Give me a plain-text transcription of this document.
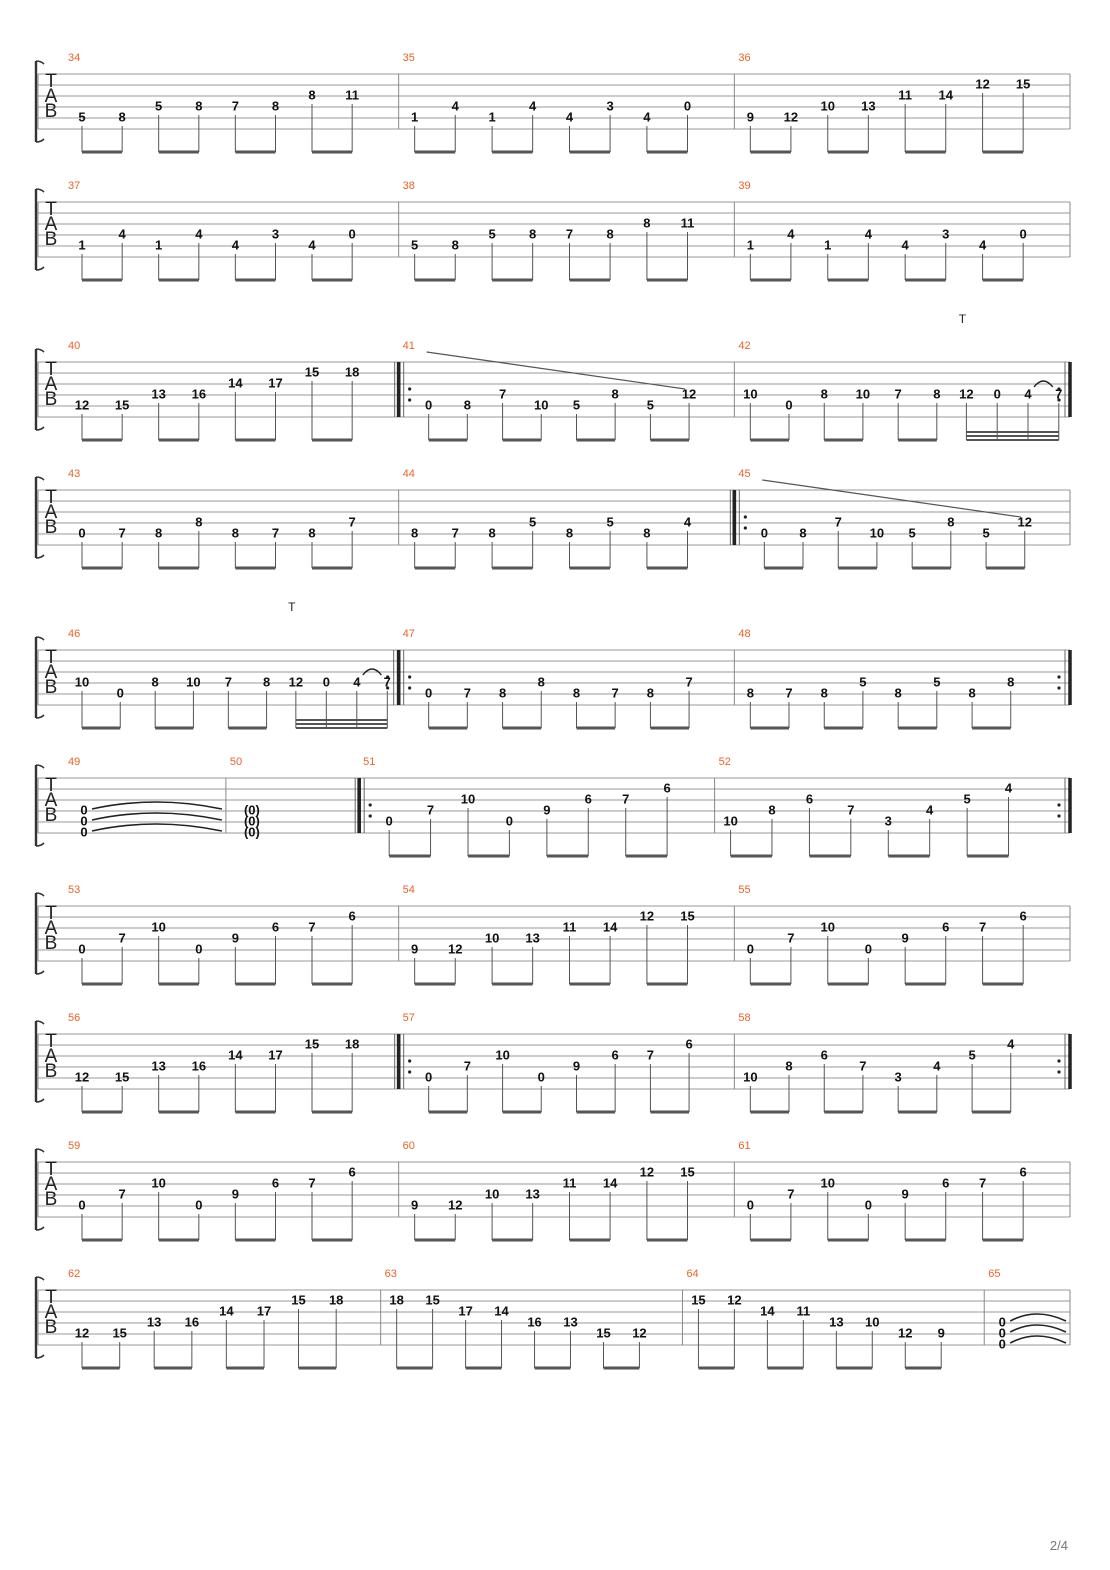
T
A
B
34
5	8
5	8 7	8
8 11
35
1
4
1
4
4
3
4
0
36
9 12
10 13
11 14
12 15
T
A
B
37
1
4
1
4
4
3
4
0
38
5	8
5	8 7	8
8 11
39
1
4
1
4
4
3
4
0
T
A
B
40
12 15
13 16
14 17
15 18
41
0 8
7
10 5
8
5
12
42
10
0
8 10 7 8 12 0 4 7
T
T
A
B
43
0	7 8
8
8	7 8
7
44
8	7 8
5
8
5
8
4
45
0 8
7
10 5
8
5
12
T
A
B
46
10
0
8 10 7 8 12 0 4 7
T
47
0 7 8
8
8 7 8
7
48
8 7 8
5
8
5
8
8
T
A
B
49
0
0
0
50
(0)
(0)
(0)
51
0
7
10
0
9
6 7
6
52
10
8
6
7
3
4
5
4
T
A
B
53
0
7
10
0
9
6 7
6
54
9 12
10 13
11 14
12 15
55
0
7
10
0
9
6 7
6
T
A
B
56
12 15
13 16
14 17
15 18
57
0
7
10
0
9
6 7
6
58
10
8
6
7
3
4
5
4
T
A
B
59
0
7
10
0
9
6 7
6
60
9 12
10 13
11 14
12 15
61
0
7
10
0
9
6 7
6
T
A
B
62
12 15
13 16
14 17
15 18
63
18 15
17 14
16 13
15 12
64
15 12
14 11
13 10
12 9
65
0
0
0
2/4
